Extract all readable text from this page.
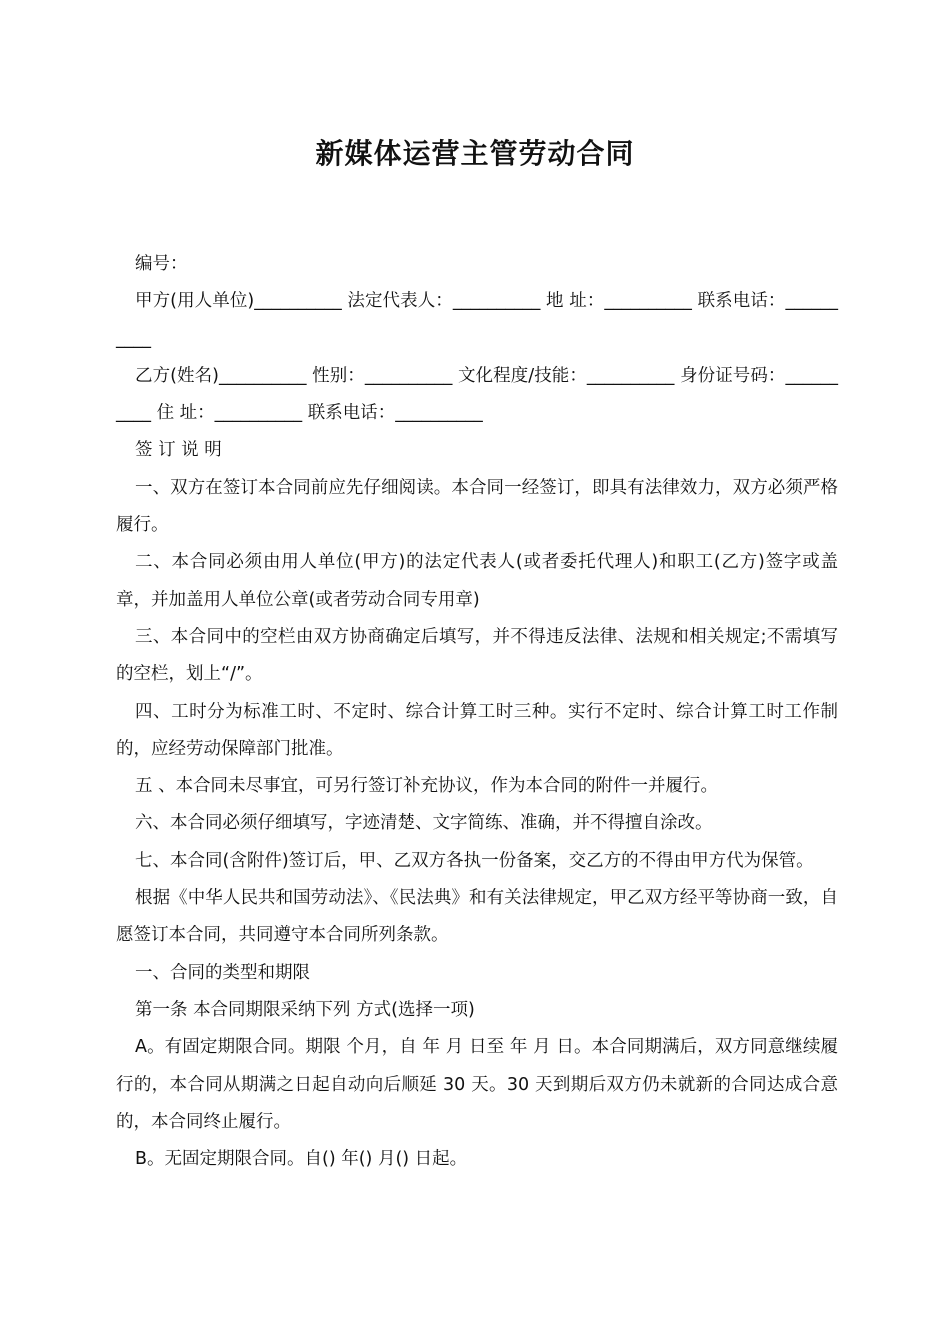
新媒体运营主管劳动合同

编号：

甲方(用人单位)__________ 法定代表人：__________ 地 址：__________ 联系电话：__________

乙方(姓名)__________ 性别：__________ 文化程度/技能：__________ 身份证号码：__________ 住 址：__________ 联系电话：__________

签 订 说 明

一、双方在签订本合同前应先仔细阅读。本合同一经签订，即具有法律效力，双方必须严格履行。

二、本合同必须由用人单位(甲方)的法定代表人(或者委托代理人)和职工(乙方)签字或盖章，并加盖用人单位公章(或者劳动合同专用章)

三、本合同中的空栏由双方协商确定后填写，并不得违反法律、法规和相关规定;不需填写的空栏，划上“/”。

四、工时分为标准工时、不定时、综合计算工时三种。实行不定时、综合计算工时工作制的，应经劳动保障部门批准。

五 、本合同未尽事宜，可另行签订补充协议，作为本合同的附件一并履行。

六、本合同必须仔细填写，字迹清楚、文字简练、准确，并不得擅自涂改。

七、本合同(含附件)签订后，甲、乙双方各执一份备案，交乙方的不得由甲方代为保管。

根据《中华人民共和国劳动法》、《民法典》和有关法律规定，甲乙双方经平等协商一致，自愿签订本合同，共同遵守本合同所列条款。

一、合同的类型和期限

第一条 本合同期限采纳下列 方式(选择一项)

A。有固定期限合同。期限 个月，自 年 月 日至 年 月 日。本合同期满后，双方同意继续履行的，本合同从期满之日起自动向后顺延 30 天。30 天到期后双方仍未就新的合同达成合意的，本合同终止履行。

B。无固定期限合同。自() 年() 月() 日起。
